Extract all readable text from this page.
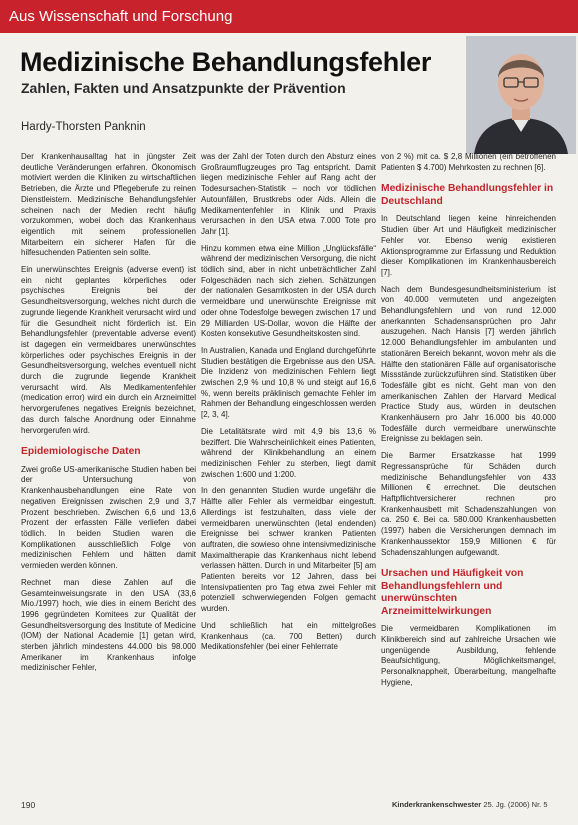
Aus Wissenschaft und Forschung
Medizinische Behandlungsfehler
Zahlen, Fakten und Ansatzpunkte der Prävention
Hardy-Thorsten Panknin

Der Krankenhausalltag hat in jüngster Zeit deutliche Veränderungen erfahren. Ökonomisch motiviert werden die Kliniken zu wirtschaftlichen Betrieben, die Ärzte und Pflegeberufe zu reinen Dienstleistern. Medizinische Behandlungsfehler scheinen nach der Medien recht häufig vorzukommen, wobei doch das Krankenhaus eigentlich mit seinem professionellen Mitarbeitern ein sicherer Hafen für die hilfesuchenden Patienten sein sollte.

Ein unerwünschtes Ereignis (adverse event) ist ein nicht geplantes körperliches oder psychisches Ereignis bei der Gesundheitsversorgung, welches nicht durch die zugrunde liegende Krankheit verursacht wird und für die Gesundheit nicht förderlich ist. Ein Behandlungsfehler (preventable adverse event) ist dagegen ein vermeidbares unerwünschtes körperliches oder psychisches Ereignis in der Gesundheitsversorgung, welches eventuell nicht durch die zugrunde liegende Krankheit verursacht wird. Als Medikamentenfehler (medication error) wird ein durch ein Arzneimittel hervorgerufenes negatives Ereignis bezeichnet, das durch falsche Anordnung oder Einnahme hervorgerufen wird.

Epidemiologische Daten

Zwei große US-amerikanische Studien haben bei der Untersuchung von Krankenhausbehandlungen eine Rate von negativen Ereignissen zwischen 2,9 und 3,7 Prozent beschrieben. Zwischen 6,6 und 13,6 Prozent der erfassten Fälle verliefen dabei tödlich. In beiden Studien waren die Komplikationen ausschließlich Folge von medizinischen Fehlern und hätten damit vermieden werden können.

Rechnet man diese Zahlen auf die Gesamteinweisungsrate in den USA (33,6 Mio./1997) hoch, wie dies in einem Bericht des 1996 gegründeten Komitees zur Qualität der Gesundheitsversorgung des Institute of Medicine (IOM) der National Academie [1] getan wird, sterben jährlich mindestens 44.000 bis 98.000 Amerikaner im Krankenhaus infolge medizinischer Fehler,

was der Zahl der Toten durch den Absturz eines Großraumflugzeuges pro Tag entspricht. Damit liegen medizinische Fehler auf Rang acht der Todesursachen-Statistik – noch vor tödlichen Autounfällen, Brustkrebs oder Aids. Allein die Medikamentenfehler in Klinik und Praxis verursachen in den USA etwa 7.000 Tote pro Jahr [1].

Hinzu kommen etwa eine Million „Unglücksfälle“ während der medizinischen Versorgung, die nicht tödlich sind, aber in nicht unbeträchtlicher Zahl Folgeschäden nach sich ziehen. Schätzungen der nationalen Gesamtkosten in der USA durch vermeidbare und unerwünschte Ereignisse mit oder ohne Todesfolge bewegen zwischen 17 und 29 Milliarden US-Dollar, wovon die Hälfte der Kosten konsekutive Gesundheitskosten sind.

In Australien, Kanada und England durchgeführte Studien bestätigen die Ergebnisse aus den USA. Die Inzidenz von medizinischen Fehlern liegt zwischen 2,9 % und 10,8 % und steigt auf 16,6 %, wenn bereits präklinisch gemachte Fehler im Rahmen der Behandlung eingeschlossen werden [2, 3, 4].

Die Letalitätsrate wird mit 4,9 bis 13,6 % beziffert. Die Wahrscheinlichkeit eines Patienten, während der Klinikbehandlung an einem medizinischen Fehler zu sterben, liegt damit zwischen 1:600 und 1:200.

In den genannten Studien wurde ungefähr die Hälfte aller Fehler als vermeidbar eingestuft. Allerdings ist festzuhalten, dass viele der vermeidbaren unerwünschten (letal endenden) Ereignisse bei schwer kranken Patienten auftraten, die sowieso ohne intensivmedizinische Maximaltherapie das Krankenhaus nicht lebend verlassen hätten. Durch in und Mitarbeiter [5] am Patienten bereits vor 12 Jahren, dass bei Intensivpatienten pro Tag etwa zwei Fehler mit potenziell schwerwiegenden Folgen gemacht wurden.

Und schließlich hat ein mittelgroßes Krankenhaus (ca. 700 Betten) durch Medikationsfehler (bei einer Fehlerrate

von 2 %) mit ca. $ 2,8 Millionen (ein betroffenen Patienten $ 4.700) Mehrkosten zu rechnen [6].

Medizinische Behandlungsfehler in Deutschland

In Deutschland liegen keine hinreichenden Studien über Art und Häufigkeit medizinischer Fehler vor. Ebenso wenig existieren Aktionsprogramme zur Erfassung und Reduktion dieser Komplikationen im Krankenhausbereich [7].

Nach dem Bundesgesundheitsministerium ist von 40.000 vermuteten und angezeigten Behandlungsfehlern und von rund 12.000 anerkannten Schadensansprüchen pro Jahr auszugehen. Nach Hansis [7] werden jährlich 12.000 Behandlungsfehler im ambulanten und stationären Bereich bekannt, wovon mehr als die Hälfte den stationären Fälle auf organisatorische Missstände zurückzuführen sind. Statistiken über Todesfälle gibt es nicht. Geht man von den amerikanischen Zahlen der Harvard Medical Practice Study aus, würden in deutschen Krankenhäusern pro Jahr 16.000 bis 40.000 Todesfälle durch vermeidbare unerwünschte Ereignisse zu beklagen sein.

Die Barmer Ersatzkasse hat 1999 Regressansprüche für Schäden durch medizinische Behandlungsfehler von 433 Millionen € errechnet. Die deutschen Haftpflichtversicherer rechnen pro Krankenhausbett mit Schadenszahlungen von ca. 250 €. Bei ca. 580.000 Krankenhausbetten (1997) haben die Versicherungen demnach im Krankenhaussektor 159,9 Millionen € für Schadenszahlungen aufgewandt.

Ursachen und Häufigkeit von Behandlungsfehlern und unerwünschten Arzneimittelwirkungen

Die vermeidbaren Komplikationen im Klinikbereich sind auf zahlreiche Ursachen wie ungenügende Ausbildung, fehlende Beaufsichtigung, Möglichkeitsmangel, Personalknappheit, Überarbeitung, mangelhafte Hygiene,

190	Kinderkrankenschwester 25. Jg. (2006) Nr. 5
